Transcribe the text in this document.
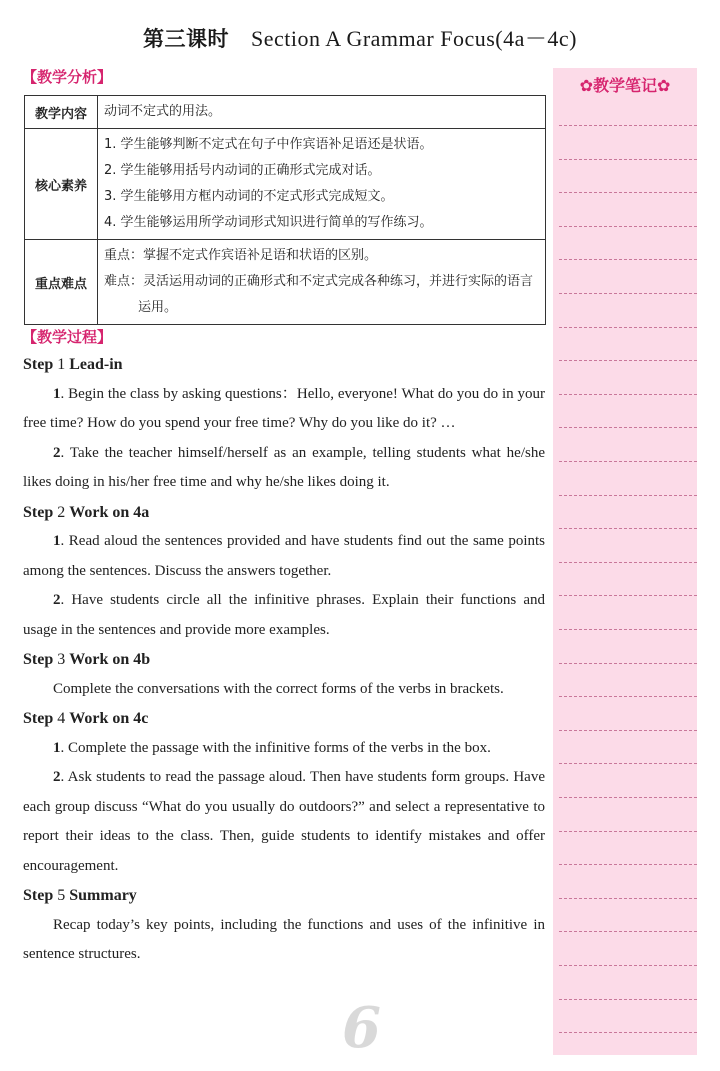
第三课时 Section A Grammar Focus(4a－4c)
【教学分析】
教学内容	动词不定式的用法。

核心素养	1. 学生能够判断不定式在句子中作宾语补足语还是状语。
2. 学生能够用括号内动词的正确形式完成对话。
3. 学生能够用方框内动词的不定式形式完成短文。
4. 学生能够运用所学动词形式知识进行简单的写作练习。

重点难点	重点：掌握不定式作宾语补足语和状语的区别。
难点：灵活运用动词的正确形式和不定式完成各种练习，并进行实际的语言运用。
【教学过程】
Step 1 Lead-in
1. Begin the class by asking questions：Hello, everyone! What do you do in your free time? How do you spend your free time? Why do you like do it? …
2. Take the teacher himself/herself as an example, telling students what he/she likes doing in his/her free time and why he/she likes doing it.
Step 2 Work on 4a
1. Read aloud the sentences provided and have students find out the same points among the sentences. Discuss the answers together.
2. Have students circle all the infinitive phrases. Explain their functions and usage in the sentences and provide more examples.
Step 3 Work on 4b
Complete the conversations with the correct forms of the verbs in brackets.
Step 4 Work on 4c
1. Complete the passage with the infinitive forms of the verbs in the box.
2. Ask students to read the passage aloud. Then have students form groups. Have each group discuss “What do you usually do outdoors?” and select a representative to report their ideas to the class. Then, guide students to identify mistakes and offer encouragement.
Step 5 Summary
Recap today’s key points, including the functions and uses of the infinitive in sentence structures.
6
✿教学笔记✿
